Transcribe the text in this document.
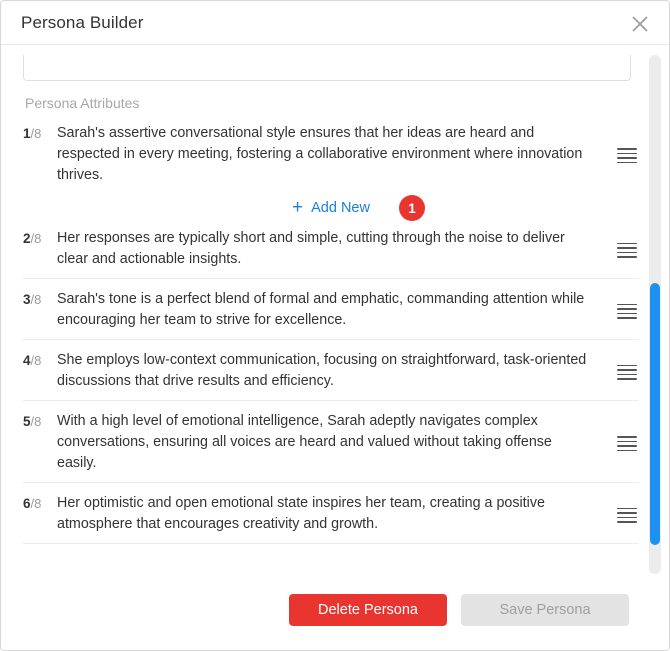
Persona Builder
Persona Attributes
1/8	Sarah's assertive conversational style ensures that her ideas are heard and respected in every meeting, fostering a collaborative environment where innovation thrives.
+ Add New	1
2/8	Her responses are typically short and simple, cutting through the noise to deliver clear and actionable insights.
3/8	Sarah's tone is a perfect blend of formal and emphatic, commanding attention while encouraging her team to strive for excellence.
4/8	She employs low-context communication, focusing on straightforward, task-oriented discussions that drive results and efficiency.
5/8	With a high level of emotional intelligence, Sarah adeptly navigates complex conversations, ensuring all voices are heard and valued without taking offense easily.
6/8	Her optimistic and open emotional state inspires her team, creating a positive atmosphere that encourages creativity and growth.
Delete Persona	Save Persona
